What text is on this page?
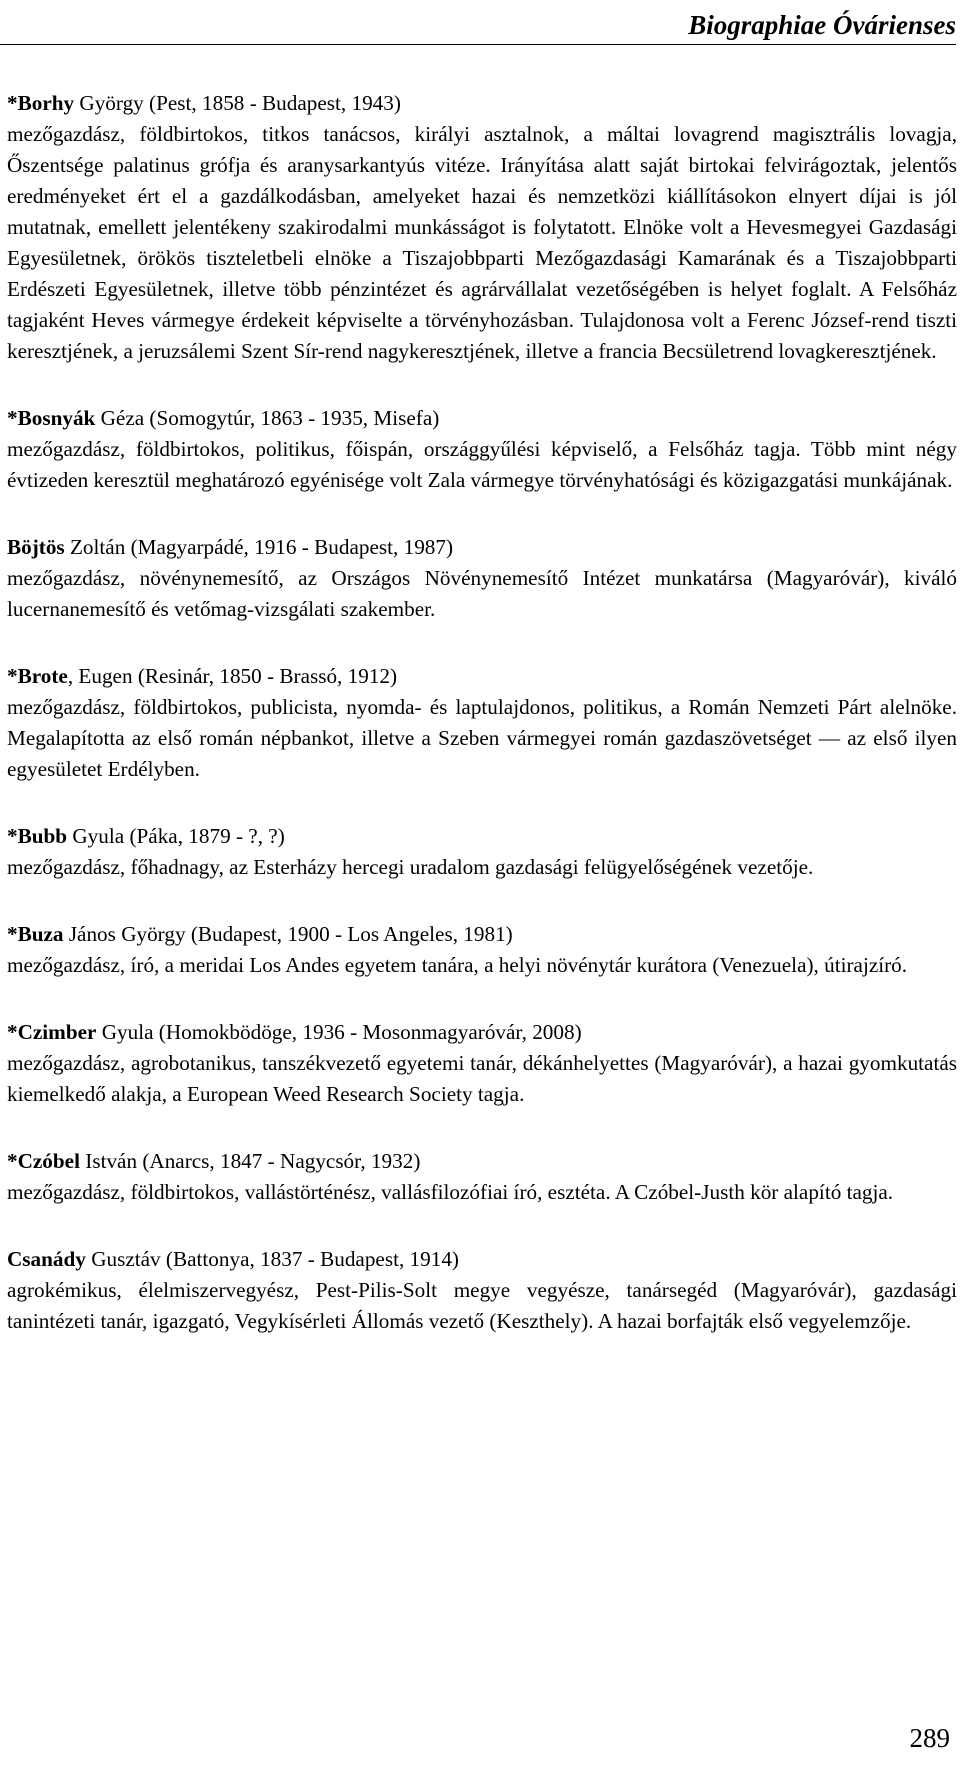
Biographiae Óvárienses

*Borhy György (Pest, 1858 - Budapest, 1943)
mezőgazdász, földbirtokos, titkos tanácsos, királyi asztalnok, a máltai lovagrend magisztrális lovagja, Őszentsége palatinus grófja és aranysarkantyús vitéze. Irányítása alatt saját birtokai felvirágoztak, jelentős eredményeket ért el a gazdálkodásban, amelyeket hazai és nemzetközi kiállításokon elnyert díjai is jól mutatnak, emellett jelentékeny szakirodalmi munkásságot is folytatott. Elnöke volt a Hevesmegyei Gazdasági Egyesületnek, örökös tiszteletbeli elnöke a Tiszajobbparti Mezőgazdasági Kamarának és a Tiszajobbparti Erdészeti Egyesületnek, illetve több pénzintézet és agrárvállalat vezetőségében is helyet foglalt. A Felsőház tagjaként Heves vármegye érdekeit képviselte a törvényhozásban. Tulajdonosa volt a Ferenc József-rend tiszti keresztjének, a jeruzsálemi Szent Sír-rend nagykeresztjének, illetve a francia Becsületrend lovagkeresztjének.

*Bosnyák Géza (Somogytúr, 1863 - 1935, Misefa)
mezőgazdász, földbirtokos, politikus, főispán, országgyűlési képviselő, a Felsőház tagja. Több mint négy évtizeden keresztül meghatározó egyénisége volt Zala vármegye törvényhatósági és közigazgatási munkájának.

Böjtös Zoltán (Magyarpádé, 1916 - Budapest, 1987)
mezőgazdász, növénynemesítő, az Országos Növénynemesítő Intézet munkatársa (Magyaróvár), kiváló lucernanemesítő és vetőmag-vizsgálati szakember.

*Brote, Eugen (Resinár, 1850 - Brassó, 1912)
mezőgazdász, földbirtokos, publicista, nyomda- és laptulajdonos, politikus, a Román Nemzeti Párt alelnöke. Megalapította az első román népbankot, illetve a Szeben vármegyei román gazdaszövetséget — az első ilyen egyesületet Erdélyben.

*Bubb Gyula (Páka, 1879 - ?, ?)
mezőgazdász, főhadnagy, az Esterházy hercegi uradalom gazdasági felügyelőségének vezetője.

*Buza János György (Budapest, 1900 - Los Angeles, 1981)
mezőgazdász, író, a meridai Los Andes egyetem tanára, a helyi növénytár kurátora (Venezuela), útirajzíró.

*Czimber Gyula (Homokbödöge, 1936 - Mosonmagyaróvár, 2008)
mezőgazdász, agrobotanikus, tanszékvezető egyetemi tanár, dékánhelyettes (Magyaróvár), a hazai gyomkutatás kiemelkedő alakja, a European Weed Research Society tagja.

*Czóbel István (Anarcs, 1847 - Nagycsór, 1932)
mezőgazdász, földbirtokos, vallástörténész, vallásfilozófiai író, esztéta. A Czóbel-Justh kör alapító tagja.

Csanády Gusztáv (Battonya, 1837 - Budapest, 1914)
agrokémikus, élelmiszervegyész, Pest-Pilis-Solt megye vegyésze, tanársegéd (Magyaróvár), gazdasági tanintézeti tanár, igazgató, Vegykísérleti Állomás vezető (Keszthely). A hazai borfajták első vegyelemzője.

289
